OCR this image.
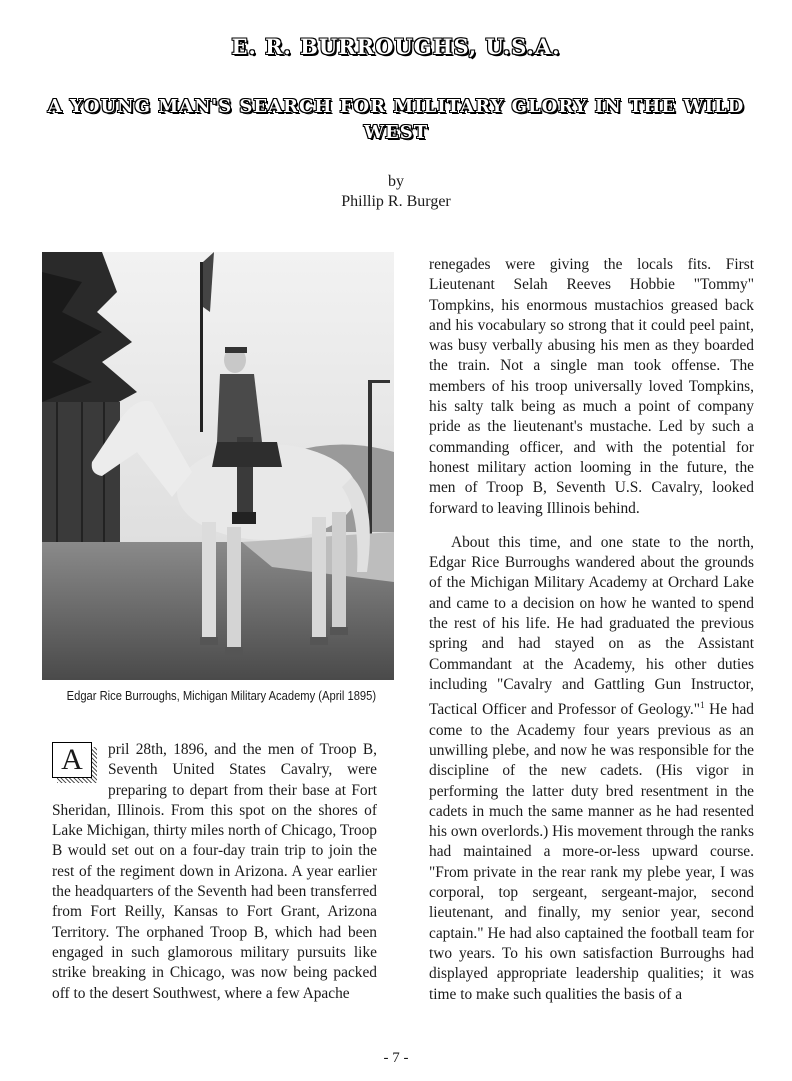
E. R. BURROUGHS, U.S.A.
A YOUNG MAN'S SEARCH FOR MILITARY GLORY IN THE WILD WEST
by
Phillip R. Burger
Edgar Rice Burroughs, Michigan Military Academy (April 1895)
A	pril 28th, 1896, and the men of Troop B, Seventh United States Cavalry, were preparing to depart from their base at Fort Sheridan, Illinois. From this spot on the shores of Lake Michigan, thirty miles north of Chicago, Troop B would set out on a four-day train trip to join the rest of the regiment down in Arizona. A year earlier the headquarters of the Seventh had been transferred from Fort Reilly, Kansas to Fort Grant, Arizona Territory. The orphaned Troop B, which had been engaged in such glamorous military pursuits like strike breaking in Chicago, was now being packed off to the desert Southwest, where a few Apache

renegades were giving the locals fits. First Lieutenant Selah Reeves Hobbie "Tommy" Tompkins, his enormous mustachios greased back and his vocabulary so strong that it could peel paint, was busy verbally abusing his men as they boarded the train. Not a single man took offense. The members of his troop universally loved Tompkins, his salty talk being as much a point of company pride as the lieutenant's mustache. Led by such a commanding officer, and with the potential for honest military action looming in the future, the men of Troop B, Seventh U.S. Cavalry, looked forward to leaving Illinois behind.

About this time, and one state to the north, Edgar Rice Burroughs wandered about the grounds of the Michigan Military Academy at Orchard Lake and came to a decision on how he wanted to spend the rest of his life. He had graduated the previous spring and had stayed on as the Assistant Commandant at the Academy, his other duties including "Cavalry and Gattling Gun Instructor, Tactical Officer and Professor of Geology."$^1$ He had come to the Academy four years previous as an unwilling plebe, and now he was responsible for the discipline of the new cadets. (His vigor in performing the latter duty bred resentment in the cadets in much the same manner as he had resented his own overlords.) His movement through the ranks had maintained a more-or-less upward course. "From private in the rear rank my plebe year, I was corporal, top sergeant, sergeant-major, second lieutenant, and finally, my senior year, second captain." He had also captained the football team for two years. To his own satisfaction Burroughs had displayed appropriate leadership qualities; it was time to make such qualities the basis of a

- 7 -
